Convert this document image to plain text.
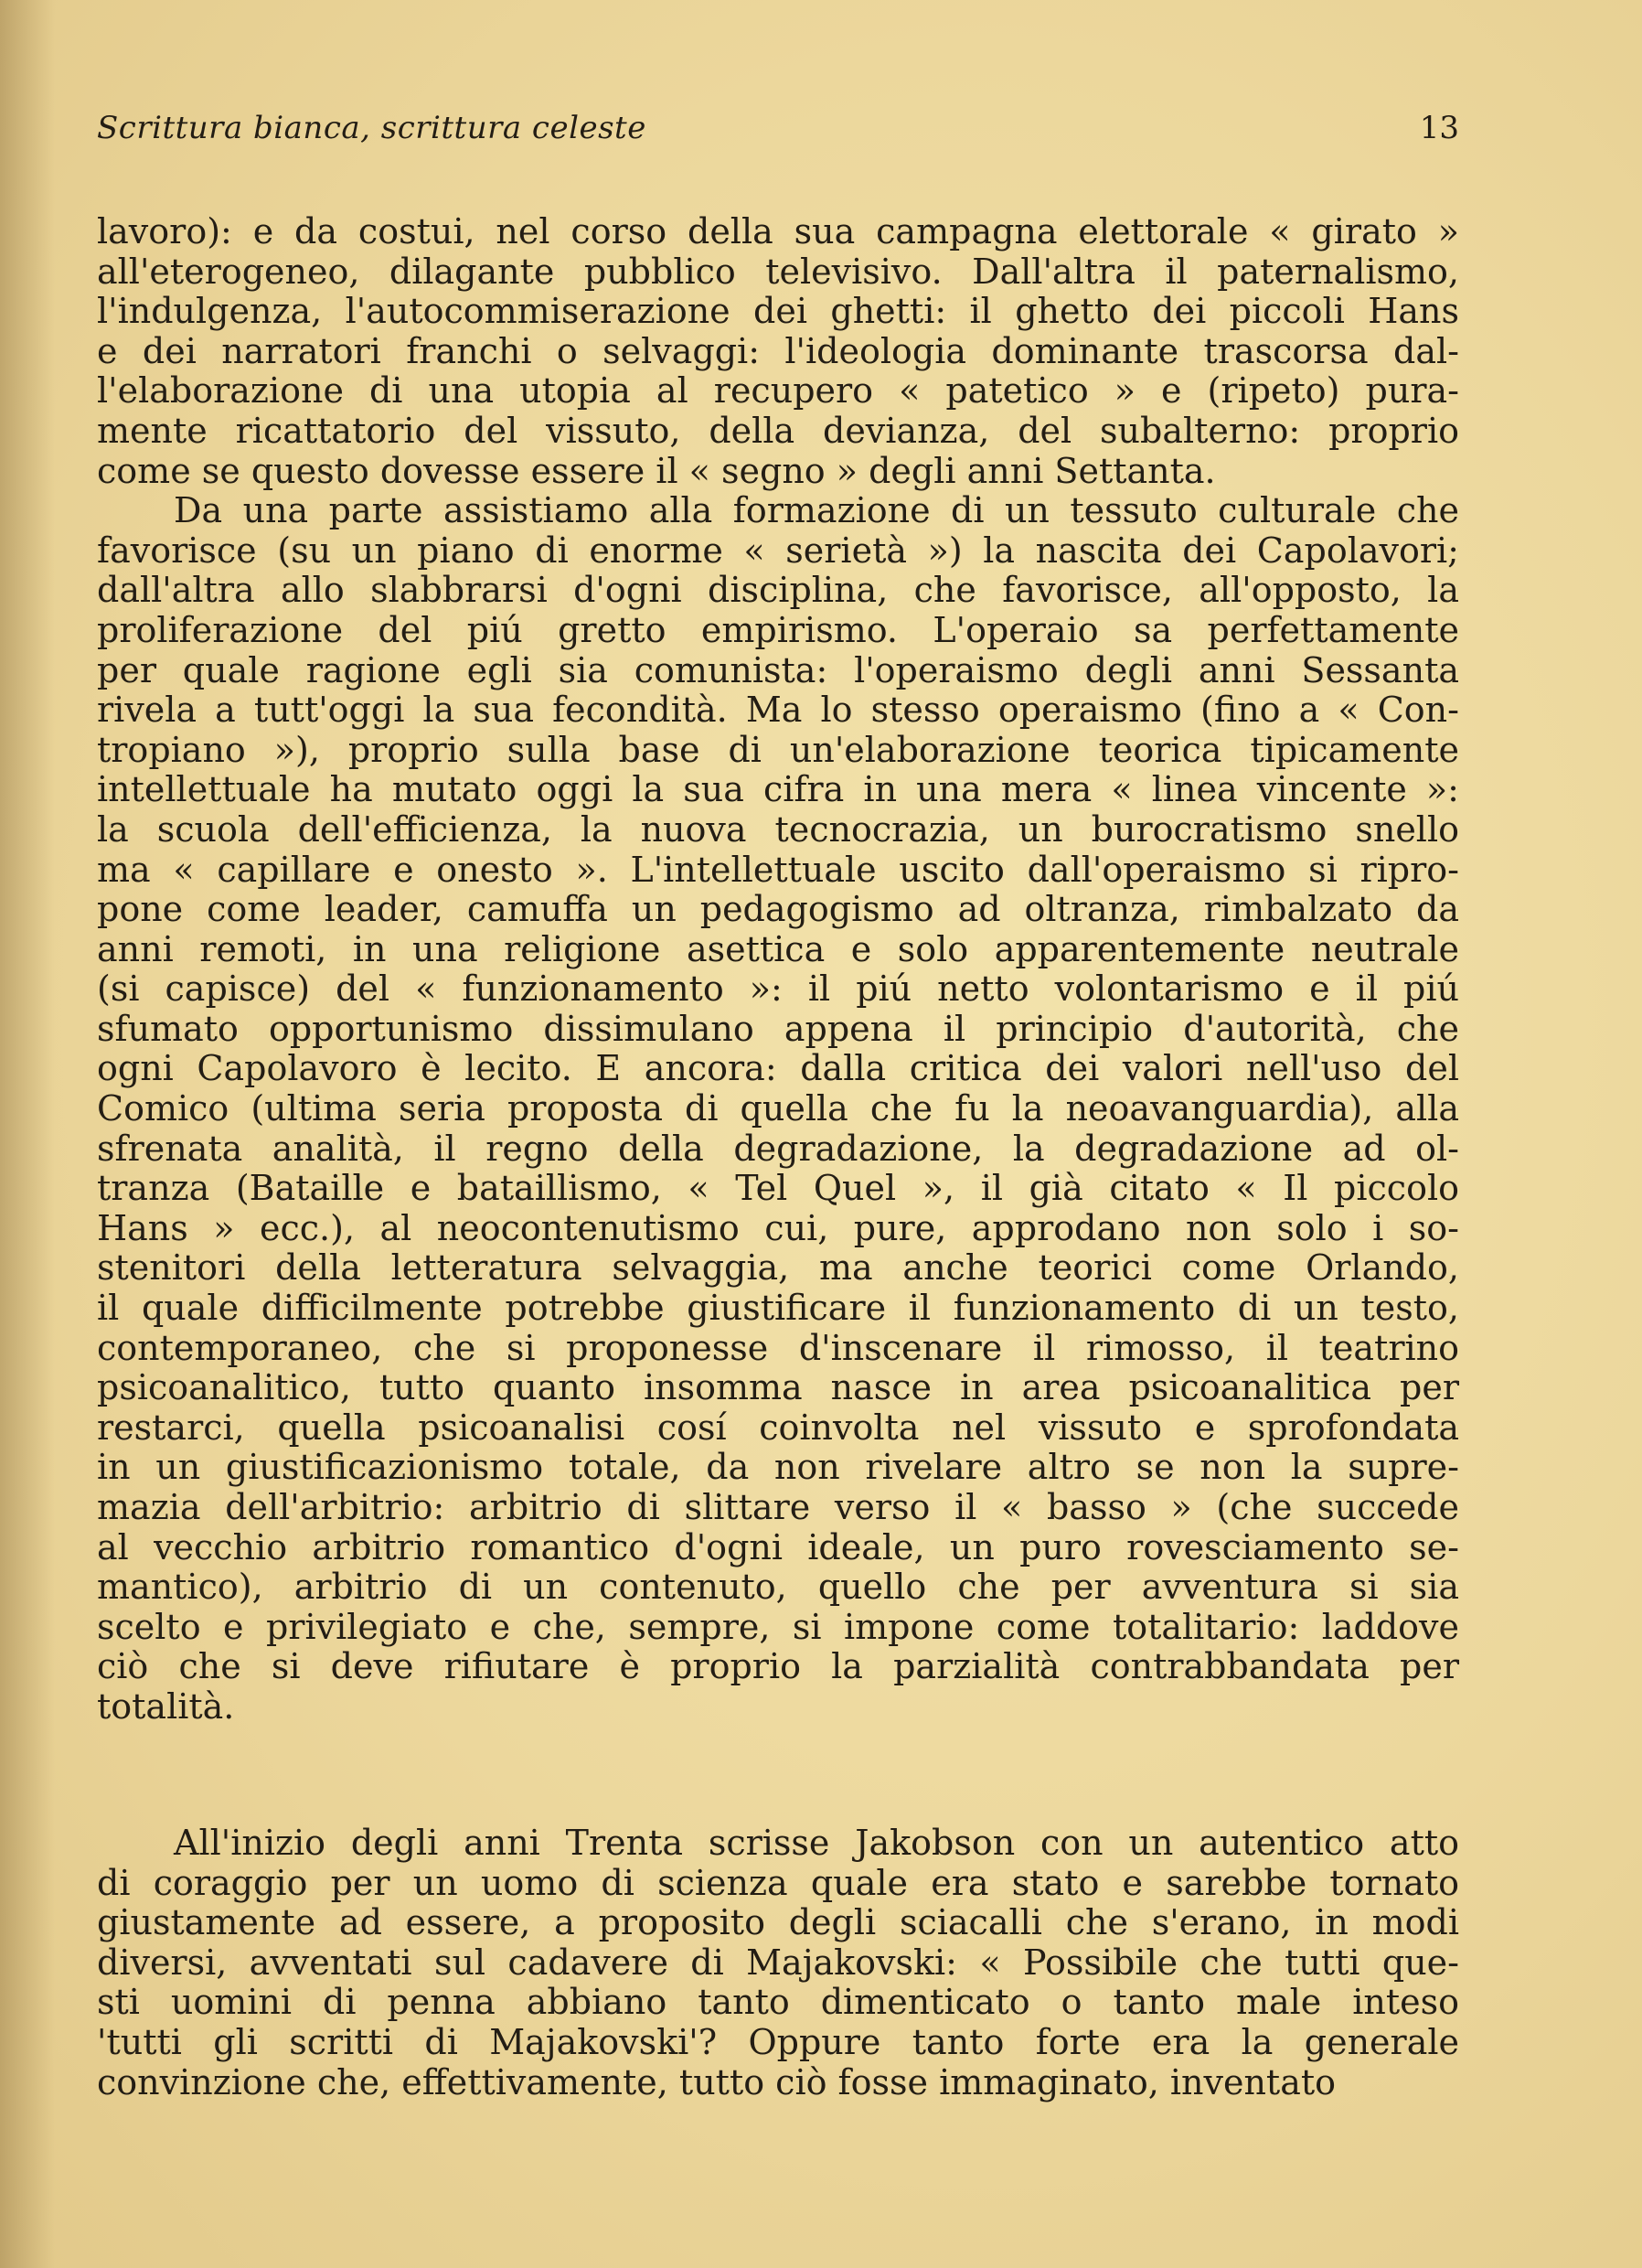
Scrittura bianca, scrittura celeste	13
lavoro): e da costui, nel corso della sua campagna elettorale « girato »
all'eterogeneo, dilagante pubblico televisivo. Dall'altra il paternalismo,
l'indulgenza, l'autocommiserazione dei ghetti: il ghetto dei piccoli Hans
e dei narratori franchi o selvaggi: l'ideologia dominante trascorsa dal-
l'elaborazione di una utopia al recupero « patetico » e (ripeto) pura-
mente ricattatorio del vissuto, della devianza, del subalterno: proprio
come se questo dovesse essere il « segno » degli anni Settanta.
Da una parte assistiamo alla formazione di un tessuto culturale che
favorisce (su un piano di enorme « serietà ») la nascita dei Capolavori;
dall'altra allo slabbrarsi d'ogni disciplina, che favorisce, all'opposto, la
proliferazione del piú gretto empirismo. L'operaio sa perfettamente
per quale ragione egli sia comunista: l'operaismo degli anni Sessanta
rivela a tutt'oggi la sua fecondità. Ma lo stesso operaismo (fino a « Con-
tropiano »), proprio sulla base di un'elaborazione teorica tipicamente
intellettuale ha mutato oggi la sua cifra in una mera « linea vincente »:
la scuola dell'efficienza, la nuova tecnocrazia, un burocratismo snello
ma « capillare e onesto ». L'intellettuale uscito dall'operaismo si ripro-
pone come leader, camuffa un pedagogismo ad oltranza, rimbalzato da
anni remoti, in una religione asettica e solo apparentemente neutrale
(si capisce) del « funzionamento »: il piú netto volontarismo e il piú
sfumato opportunismo dissimulano appena il principio d'autorità, che
ogni Capolavoro è lecito. E ancora: dalla critica dei valori nell'uso del
Comico (ultima seria proposta di quella che fu la neoavanguardia), alla
sfrenata analità, il regno della degradazione, la degradazione ad ol-
tranza (Bataille e bataillismo, « Tel Quel », il già citato « Il piccolo
Hans » ecc.), al neocontenutismo cui, pure, approdano non solo i so-
stenitori della letteratura selvaggia, ma anche teorici come Orlando,
il quale difficilmente potrebbe giustificare il funzionamento di un testo,
contemporaneo, che si proponesse d'inscenare il rimosso, il teatrino
psicoanalitico, tutto quanto insomma nasce in area psicoanalitica per
restarci, quella psicoanalisi cosí coinvolta nel vissuto e sprofondata
in un giustificazionismo totale, da non rivelare altro se non la supre-
mazia dell'arbitrio: arbitrio di slittare verso il « basso » (che succede
al vecchio arbitrio romantico d'ogni ideale, un puro rovesciamento se-
mantico), arbitrio di un contenuto, quello che per avventura si sia
scelto e privilegiato e che, sempre, si impone come totalitario: laddove
ciò che si deve rifiutare è proprio la parzialità contrabbandata per
totalità.
All'inizio degli anni Trenta scrisse Jakobson con un autentico atto
di coraggio per un uomo di scienza quale era stato e sarebbe tornato
giustamente ad essere, a proposito degli sciacalli che s'erano, in modi
diversi, avventati sul cadavere di Majakovski: « Possibile che tutti que-
sti uomini di penna abbiano tanto dimenticato o tanto male inteso
'tutti gli scritti di Majakovski'? Oppure tanto forte era la generale
convinzione che, effettivamente, tutto ciò fosse immaginato, inventato
